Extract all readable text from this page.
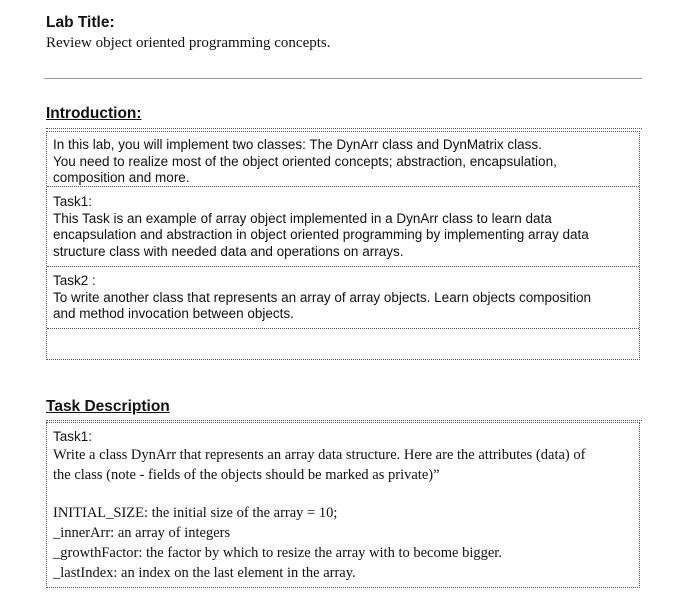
Lab Title:
Review object oriented programming concepts.
Introduction:
In this lab, you will implement two classes: The DynArr class and DynMatrix class.
You need to realize most of the object oriented concepts; abstraction, encapsulation,
composition and more.
Task1:
This Task is an example of array object implemented in a DynArr class to learn data
encapsulation and abstraction in object oriented programming by implementing array data
structure class with needed data and operations on arrays.
Task2 :
To write another class that represents an array of array objects. Learn objects composition
and method invocation between objects.
Task Description
Task1:
Write a class DynArr that represents an array data structure. Here are the attributes (data) of
the class (note - fields of the objects should be marked as private)”
INITIAL_SIZE: the initial size of the array = 10;
_innerArr: an array of integers
_growthFactor: the factor by which to resize the array with to become bigger.
_lastIndex: an index on the last element in the array.
